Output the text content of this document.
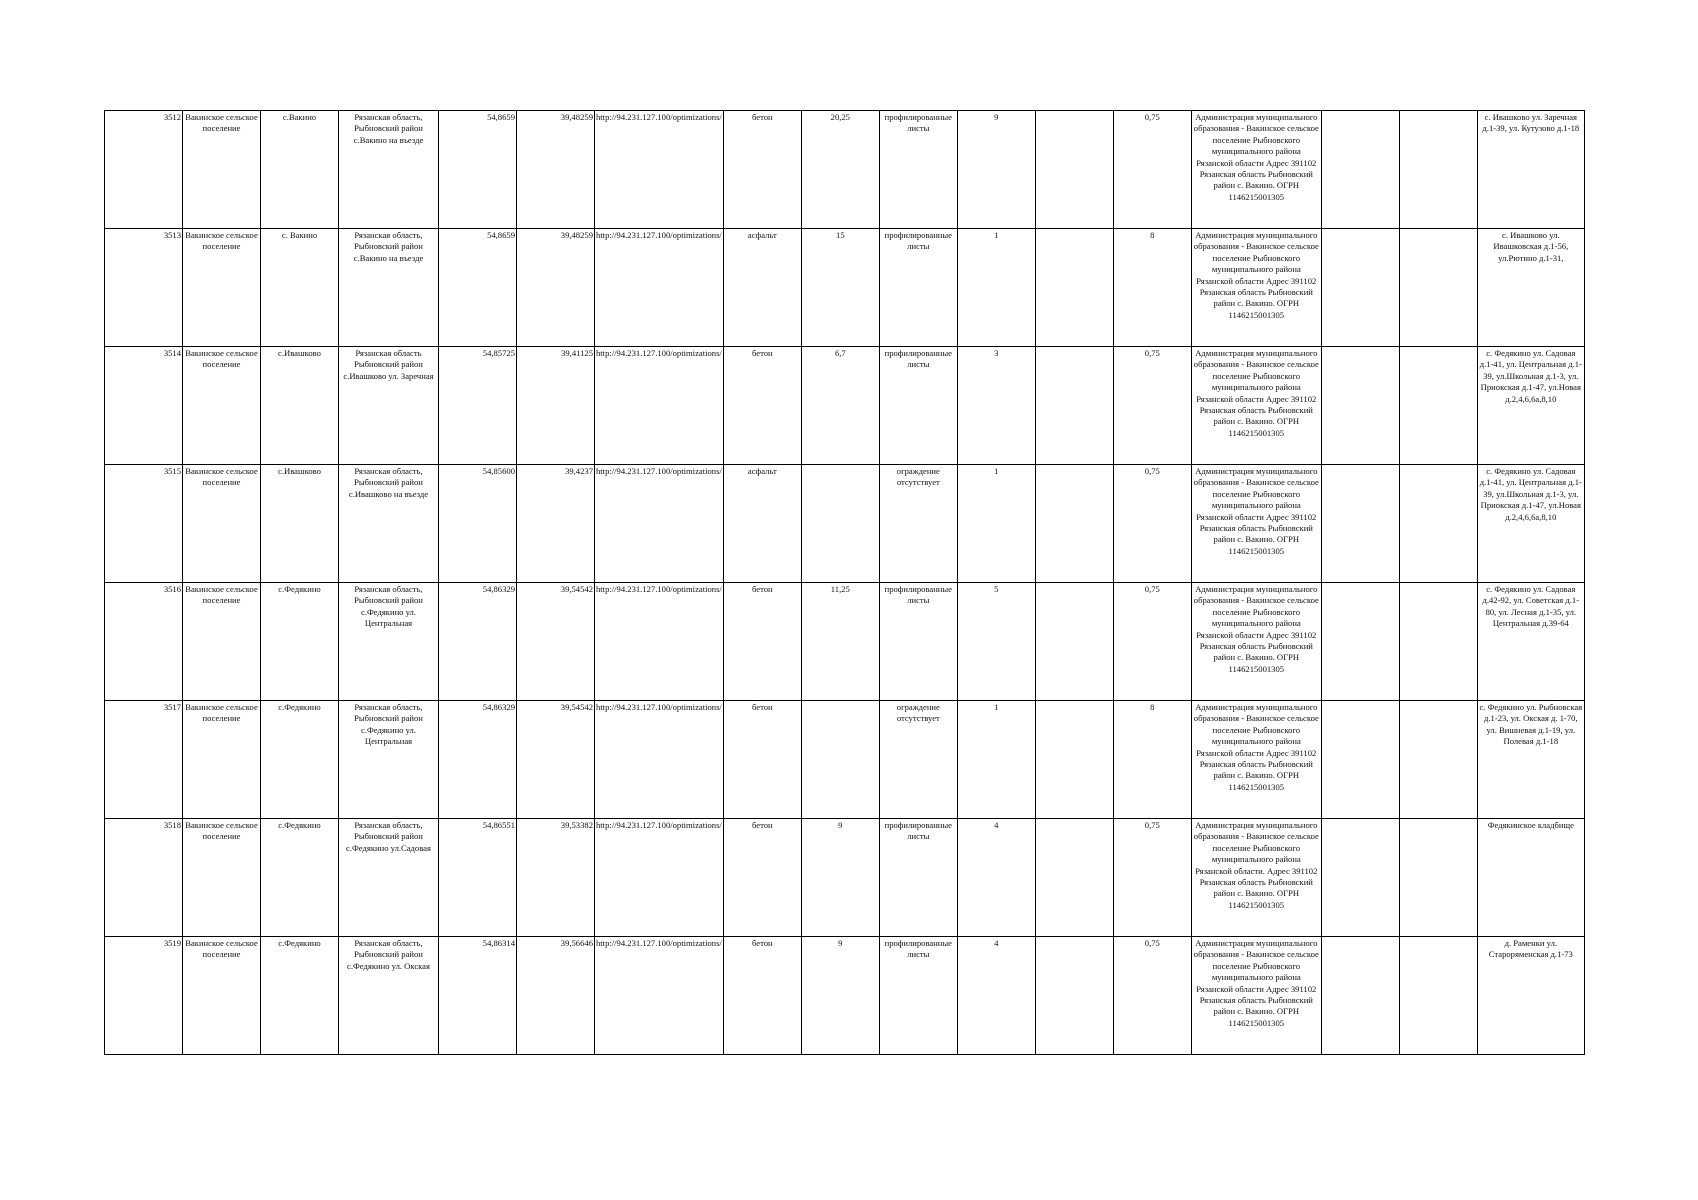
3512	Вакинское сельское поселение	с.Вакино	Рязанская область, Рыбновский район с.Вакино на въезде	54,8659	39,48259	http://94.231.127.100/optimizations/	бетон	20,25	профилированные листы	9		0,75	Администрация муниципального образования - Вакинское сельское поселение Рыбновского муниципального района Рязанской области Адрес 391102 Рязанская область Рыбновский район с. Вакино. ОГРН 1146215001305			с. Ивашково ул. Заречная д.1-39, ул. Кутузово д.1-18
3513	Вакинское сельское поселение	с. Вакино	Рязанская область, Рыбновский район с.Вакино на въезде	54,8659	39,48259	http://94.231.127.100/optimizations/	асфальт	15	профилированные листы	1		8	Администрация муниципального образования - Вакинское сельское поселение Рыбновского муниципального района Рязанской области Адрес 391102 Рязанская область Рыбновский район с. Вакино. ОГРН 1146215001305			с. Ивашково ул. Ивашковская д.1-56, ул.Рютино д.1-31,
3514	Вакинское сельское поселение	с.Ивашково	Рязанская область Рыбновский район с.Ивашково ул. Заречная	54,85725	39,41125	http://94.231.127.100/optimizations/	бетон	6,7	профилированные листы	3		0,75	Администрация муниципального образования - Вакинское сельское поселение Рыбновского муниципального района Рязанской области Адрес 391102 Рязанская область Рыбновский район с. Вакино. ОГРН 1146215001305			с. Федякино ул. Садовая д.1-41, ул. Центральная д.1-39, ул.Школьная д.1-3, ул. Приокская д.1-47, ул.Новая д.2,4,6,6а,8,10
3515	Вакинское сельское поселение	с.Ивашково	Рязанская область, Рыбновский район с.Ивашково на въезде	54,85600	39,4237	http://94.231.127.100/optimizations/	асфальт		ограждение отсутствует	1		0,75	Администрация муниципального образования - Вакинское сельское поселение Рыбновского муниципального района Рязанской области Адрес 391102 Рязанская область Рыбновский район с. Вакино. ОГРН 1146215001305			с. Федякино ул. Садовая д.1-41, ул. Центральная д.1-39, ул.Школьная д.1-3, ул. Приокская д.1-47, ул.Новая д.2,4,6,6а,8,10
3516	Вакинское сельское поселение	с.Федякино	Рязанская область, Рыбновский район с.Федякино ул. Центральная	54,86329	39,54542	http://94.231.127.100/optimizations/	бетон	11,25	профилированные листы	5		0,75	Администрация муниципального образования - Вакинское сельское поселение Рыбновского муниципального района Рязанской области Адрес 391102 Рязанская область Рыбновский район с. Вакино. ОГРН 1146215001305			с. Федякино ул. Садовая д.42-92, ул. Советская д.1-80, ул. Лесная д.1-35, ул. Центральная д.39-64
3517	Вакинское сельское поселение	с.Федякино	Рязанская область, Рыбновский район с.Федякино ул. Центральная	54,86329	39,54542	http://94.231.127.100/optimizations/	бетон		ограждение отсутствует	1		8	Администрация муниципального образования - Вакинское сельское поселение Рыбновского муниципального района Рязанской области Адрес 391102 Рязанская область Рыбновский район с. Вакино. ОГРН 1146215001305			с. Федякино ул. Рыбновская д.1-23, ул. Окская д. 1-70, ул. Вишневая д.1-19, ул. Полевая д.1-18
3518	Вакинское сельское поселение	с.Федякино	Рязанская область, Рыбновский район с.Федякино ул.Садовая	54,86551	39,53382	http://94.231.127.100/optimizations/	бетон	9	профилированные листы	4		0,75	Администрация муниципального образования - Вакинское сельское поселение Рыбновского муниципального района Рязанской области. Адрес 391102 Рязанская область Рыбновский район с. Вакино. ОГРН 1146215001305			Федякинское кладбище
3519	Вакинское сельское поселение	с.Федякино	Рязанская область, Рыбновский район с.Федякино ул. Окская	54,86314	39,56646	http://94.231.127.100/optimizations/	бетон	9	профилированные листы	4		0,75	Администрация муниципального образования - Вакинское сельское поселение Рыбновского муниципального района Рязанской области Адрес 391102 Рязанская область Рыбновский район с. Вакино. ОГРН 1146215001305			д. Раменки ул. Староряменская д.1-73
